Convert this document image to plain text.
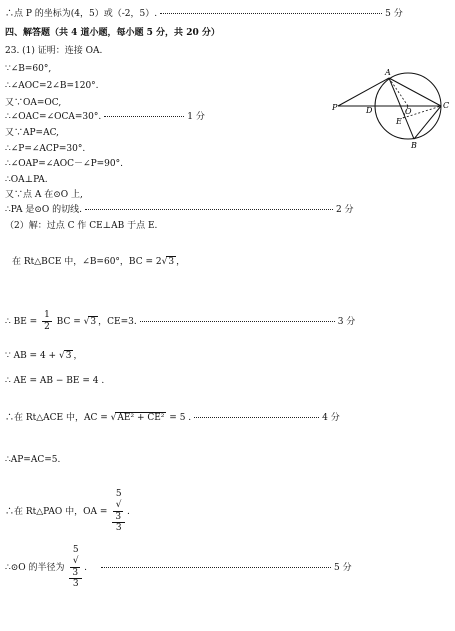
∴点 P 的坐标为(4，5）或（-2，5）.	5 分
四、解答题（共 4 道小题，每小题 5 分，共 20 分）
23. (1) 证明：连接 OA.
∵∠B=60°,
∴∠AOC=2∠B=120°.
又∵OA=OC,
∴∠OAC=∠OCA=30°.	1 分
又∵AP=AC,
∴∠P=∠ACP=30°.
∴∠OAP=∠AOC－∠P=90°.
∴OA⊥PA.
又∵点 A 在⊙O 上,
∴PA 是⊙O 的切线.	2 分
（2）解：过点 C 作 CE⊥AB 于点 E.
在 Rt△BCE 中，∠B=60°，BC = 2√3 ，
∴ BE = $\frac{1}{2}$ BC = √3 ，CE=3.	3 分
∵ AB = 4 + √3 ，
∴ AE = AB − BE = 4 .
∴在 Rt△ACE 中，AC = √AE² + CE² = 5 .	4 分
∴AP=AC=5.
∴在 Rt△PAO 中，OA = 5
√
3
3 .
∴⊙O 的半径为 5
√
3
3 .	5 分
A
P	D	O
C
E
B
